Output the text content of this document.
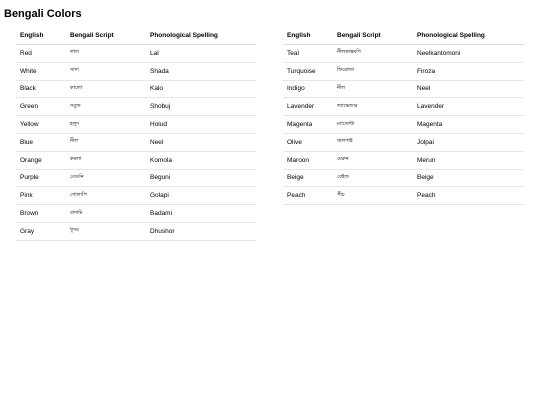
Bengali Colors
English	Bengali Script	Phonological Spelling
Red	লাল	Lal
White	সাদা	Shada
Black	কালো	Kalo
Green	সবুজ	Shobuj
Yellow	হলুদ	Holud
Blue	নীল	Neel
Orange	কমলা	Komola
Purple	বেগুনি	Beguni
Pink	গোলাপি	Golapi
Brown	বাদামি	Badami
Gray	ধূসর	Dhushor
English	Bengali Script	Phonological Spelling
Teal	নীলকান্তমণি	Neelkantomoni
Turquoise	ফিরোজা	Firoza
Indigo	নীল	Neel
Lavender	ল্যাভেন্ডার	Lavender
Magenta	ম্যাজেন্টা	Magenta
Olive	জলপাই	Jolpai
Maroon	মেরুন	Merun
Beige	বেইজ	Beige
Peach	পীচ	Peach
